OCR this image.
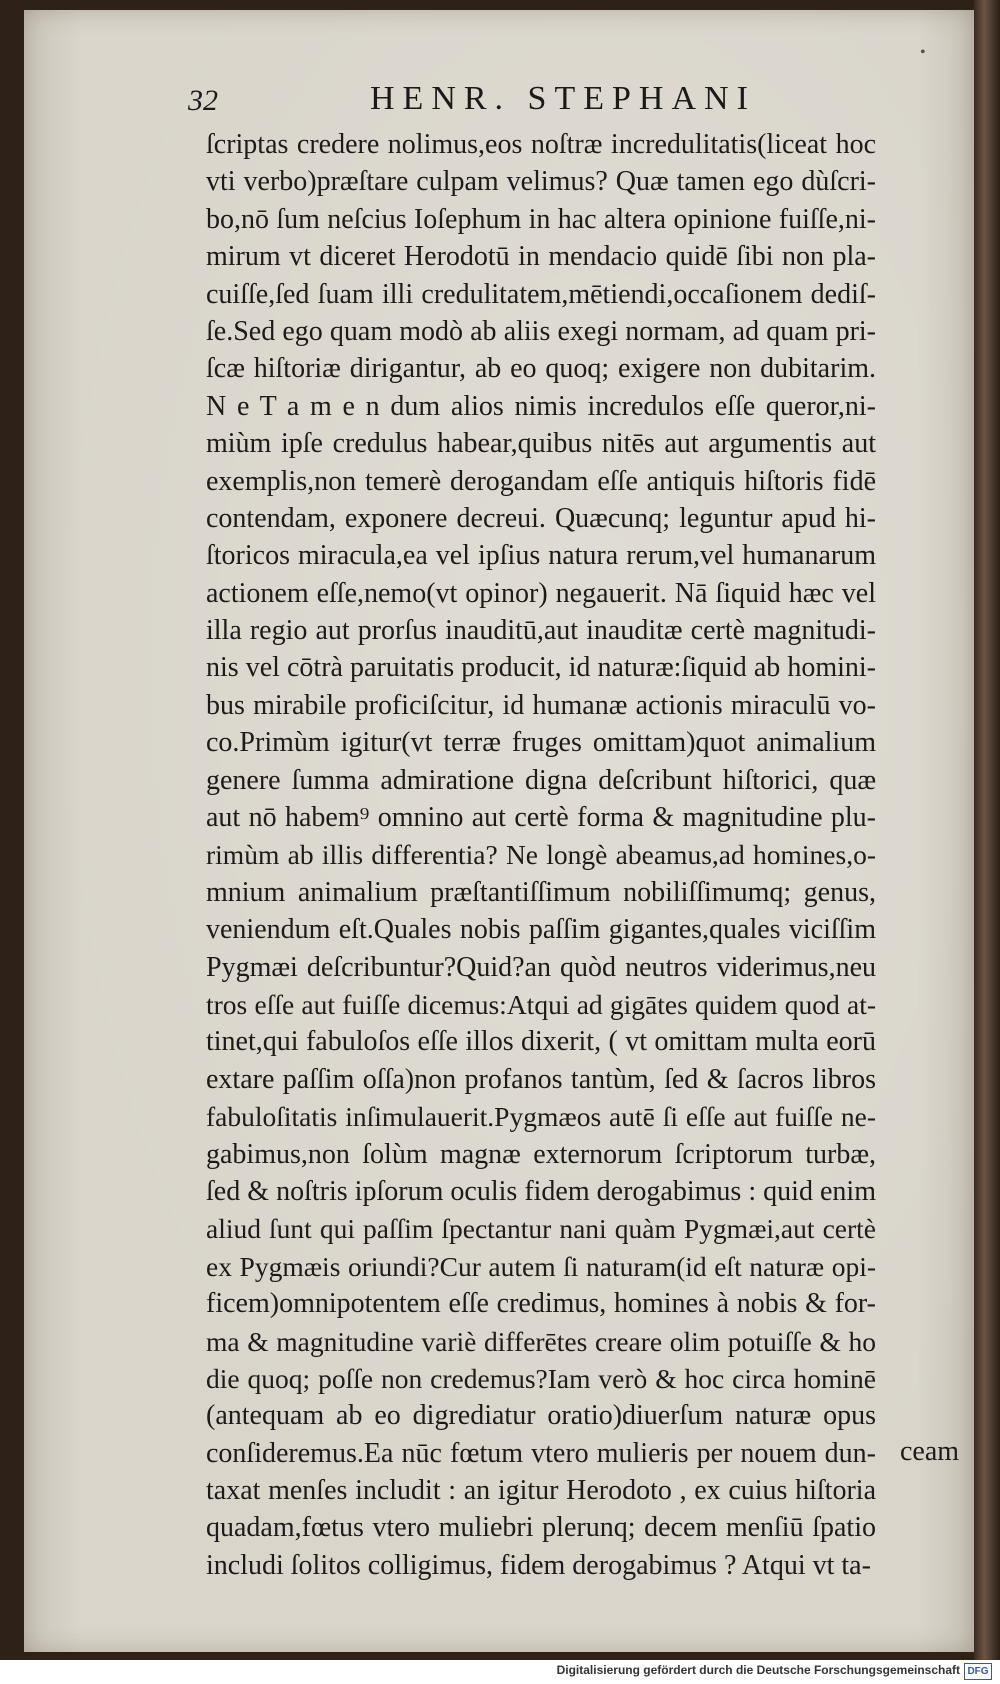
•
32	HENR. STEPHANI
ſcriptas credere nolimus,eos noſtræ incredulitatis(liceat hoc
vti verbo)præſtare culpam velimus? Quæ tamen ego dùſcri-
bo,nō ſum neſcius Ioſephum in hac altera opinione fuiſſe,ni-
mirum vt diceret Herodotū in mendacio quidē ſibi non pla-
cuiſſe,ſed ſuam illi credulitatem,mētiendi,occaſionem dediſ-
ſe.Sed ego quam modò ab aliis exegi normam, ad quam pri-
ſcæ hiſtoriæ dirigantur, ab eo quoq; exigere non dubitarim.
N e T a m e n dum alios nimis incredulos eſſe queror,ni-
miùm ipſe credulus habear,quibus nitēs aut argumentis aut
exemplis,non temerè derogandam eſſe antiquis hiſtoris fidē
contendam, exponere decreui. Quæcunq; leguntur apud hi-
ſtoricos miracula,ea vel ipſius natura rerum,vel humanarum
actionem eſſe,nemo(vt opinor) negauerit. Nā ſiquid hæc vel
illa regio aut prorſus inauditū,aut inauditæ certè magnitudi-
nis vel cōtrà paruitatis producit, id naturæ:ſiquid ab homini-
bus mirabile proficiſcitur, id humanæ actionis miraculū vo-
co.Primùm igitur(vt terræ fruges omittam)quot animalium
genere ſumma admiratione digna deſcribunt hiſtorici, quæ
aut nō habem⁹ omnino aut certè forma & magnitudine plu-
rimùm ab illis differentia? Ne longè abeamus,ad homines,o-
mnium animalium præſtantiſſimum nobiliſſimumq; genus,
veniendum eſt.Quales nobis paſſim gigantes,quales viciſſim
Pygmæi deſcribuntur?Quid?an quòd neutros viderimus,neu
tros eſſe aut fuiſſe dicemus:Atqui ad gigātes quidem quod at-
tinet,qui fabuloſos eſſe illos dixerit, ( vt omittam multa eorū
extare paſſim oſſa)non profanos tantùm, ſed & ſacros libros
fabuloſitatis inſimulauerit.Pygmæos autē ſi eſſe aut fuiſſe ne-
gabimus,non ſolùm magnæ externorum ſcriptorum turbæ,
ſed & noſtris ipſorum oculis fidem derogabimus : quid enim
aliud ſunt qui paſſim ſpectantur nani quàm Pygmæi,aut certè
ex Pygmæis oriundi?Cur autem ſi naturam(id eſt naturæ opi-
ficem)omnipotentem eſſe credimus, homines à nobis & for-
ma & magnitudine variè differētes creare olim potuiſſe & ho
die quoq; poſſe non credemus?Iam verò & hoc circa hominē
(antequam ab eo digrediatur oratio)diuerſum naturæ opus
conſideremus.Ea nūc fœtum vtero mulieris per nouem dun-
taxat menſes includit : an igitur Herodoto , ex cuius hiſtoria
quadam,fœtus vtero muliebri plerunq; decem menſiū ſpatio
includi ſolitos colligimus, fidem derogabimus ? Atqui vt ta-
ceam
Digitalisierung gefördert durch die Deutsche Forschungsgemeinschaft DFG
